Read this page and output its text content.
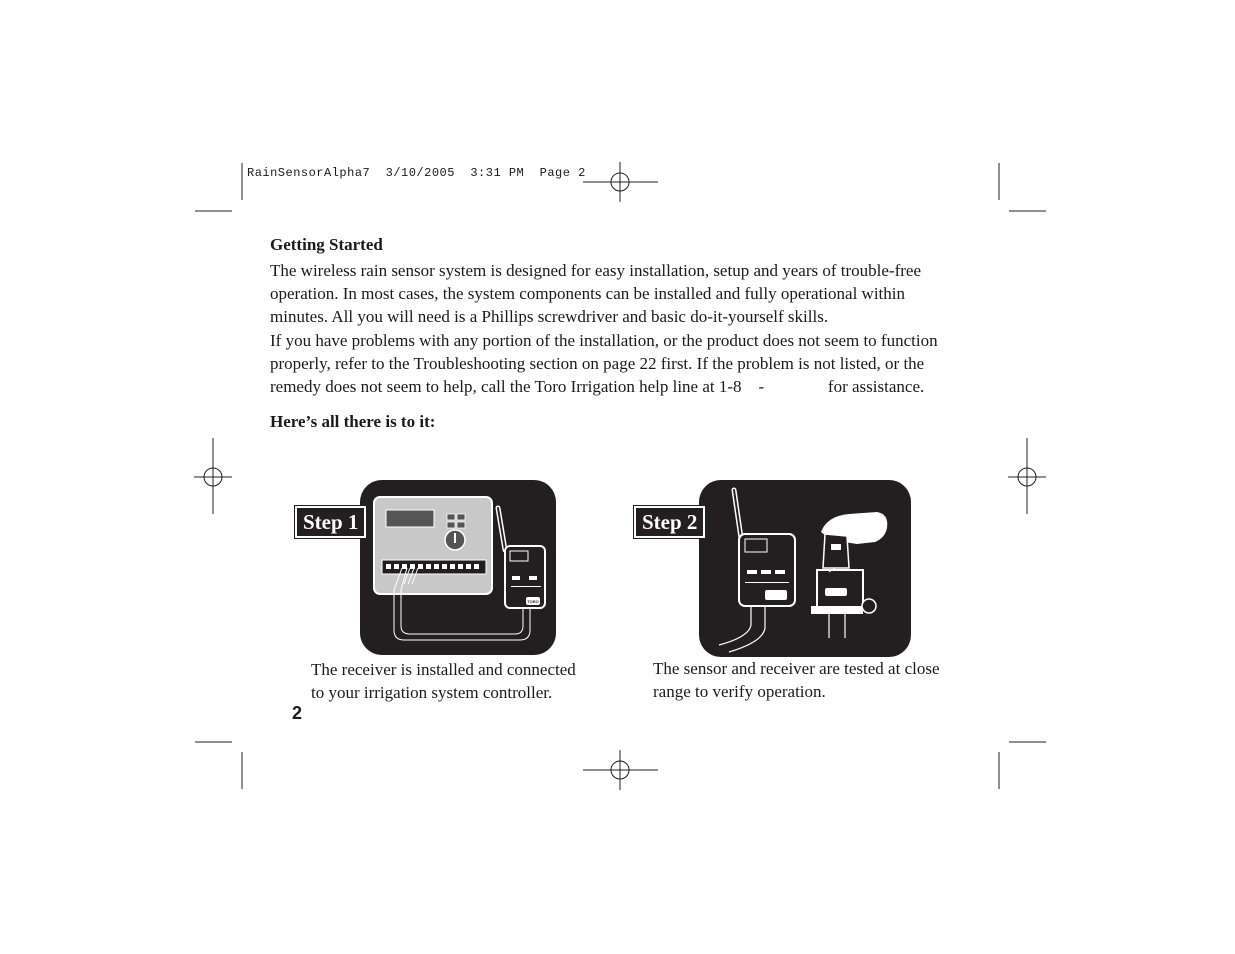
RainSensorAlpha7  3/10/2005  3:31 PM  Page 2
Getting Started
The wireless rain sensor system is designed for easy installation, setup and years of trouble-free
operation. In most cases, the system components can be installed and fully operational within
minutes. All you will need is a Phillips screwdriver and basic do-it-yourself skills.
If you have problems with any portion of the installation, or the product does not seem to function
properly, refer to the Troubleshooting section on page 22 first. If the problem is not listed, or the
remedy does not seem to help, call the Toro Irrigation help line at 1-8    -               for assistance.
Here’s all there is to it:
TORO
Step 1	Step 2
The receiver is installed and connected
to your irrigation system controller.
The sensor and receiver are tested at close
range to verify operation.
2
